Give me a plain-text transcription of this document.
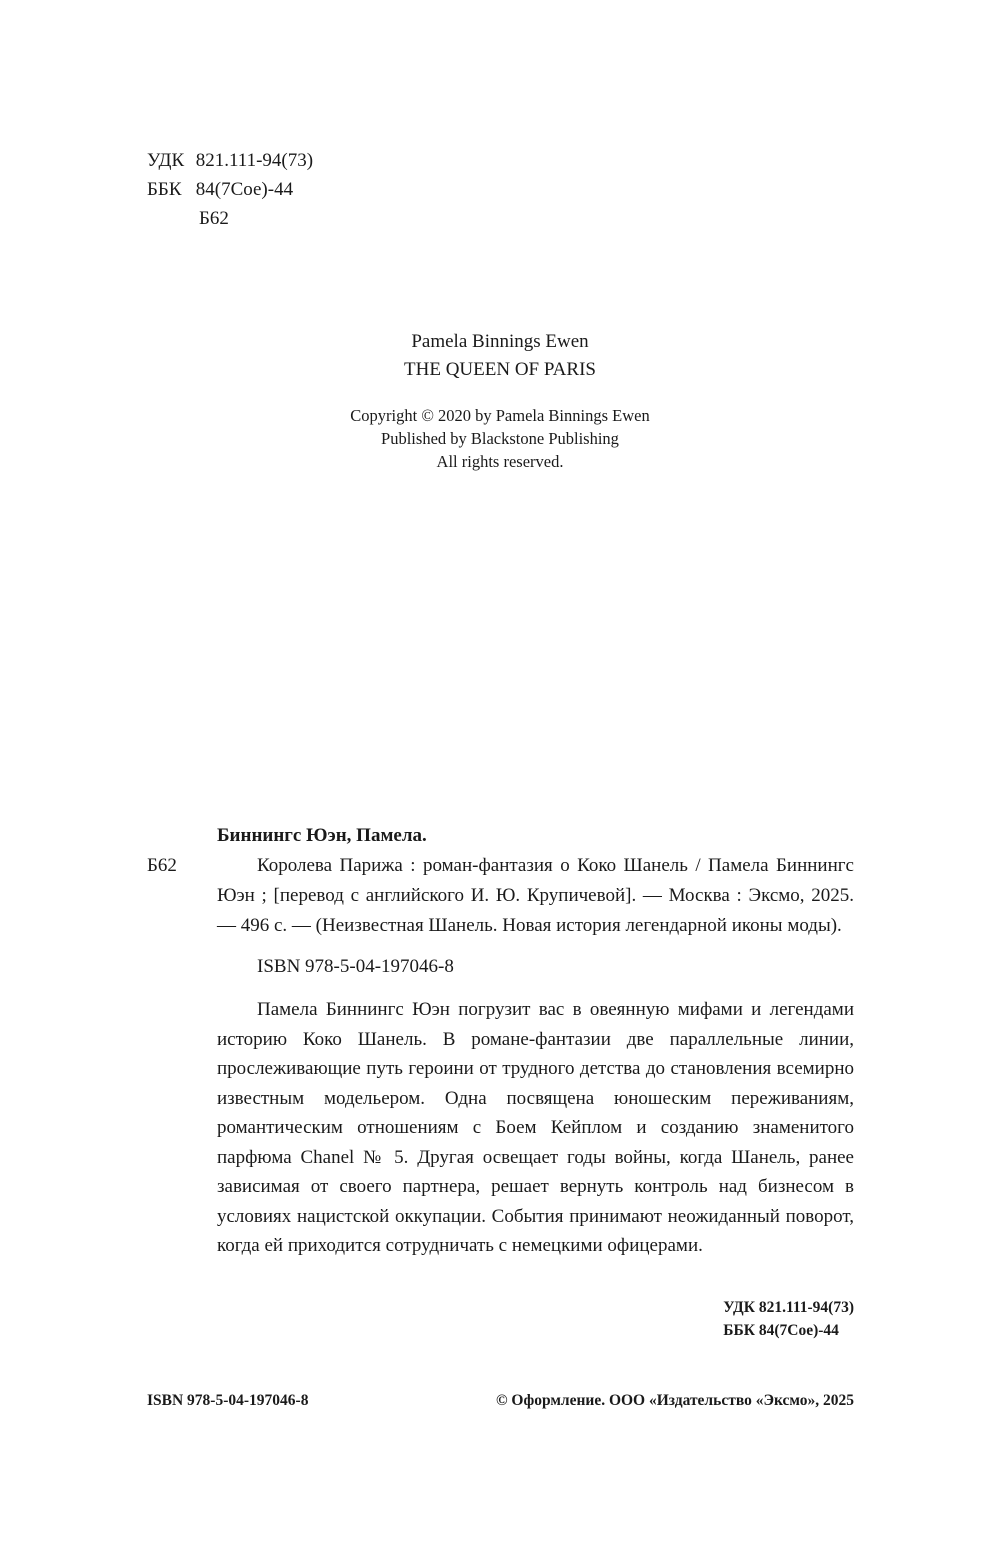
УДК 821.111-94(73)
ББК 84(7Сое)-44
Б62
Pamela Binnings Ewen
THE QUEEN OF PARIS
Copyright © 2020 by Pamela Binnings Ewen
Published by Blackstone Publishing
All rights reserved.
Биннингс Юэн, Памела.
Б62	Королева Парижа : роман-фантазия о Коко Шанель / Памела Биннингс Юэн ; [перевод с английского И. Ю. Крупичевой]. — Москва : Эксмо, 2025. — 496 с. — (Неизвестная Шанель. Новая история легендарной иконы моды).
ISBN 978-5-04-197046-8
Памела Биннингс Юэн погрузит вас в овеянную мифами и легендами историю Коко Шанель. В романе-фантазии две параллельные линии, прослеживающие путь героини от трудного детства до становления всемирно известным модельером. Одна посвящена юношеским переживаниям, романтическим отношениям с Боем Кейплом и созданию знаменитого парфюма Chanel № 5. Другая освещает годы войны, когда Шанель, ранее зависимая от своего партнера, решает вернуть контроль над бизнесом в условиях нацистской оккупации. События принимают неожиданный поворот, когда ей приходится сотрудничать с немецкими офицерами.
УДК 821.111-94(73)
ББК 84(7Сое)-44
ISBN 978-5-04-197046-8	© Оформление. ООО «Издательство «Эксмо», 2025
